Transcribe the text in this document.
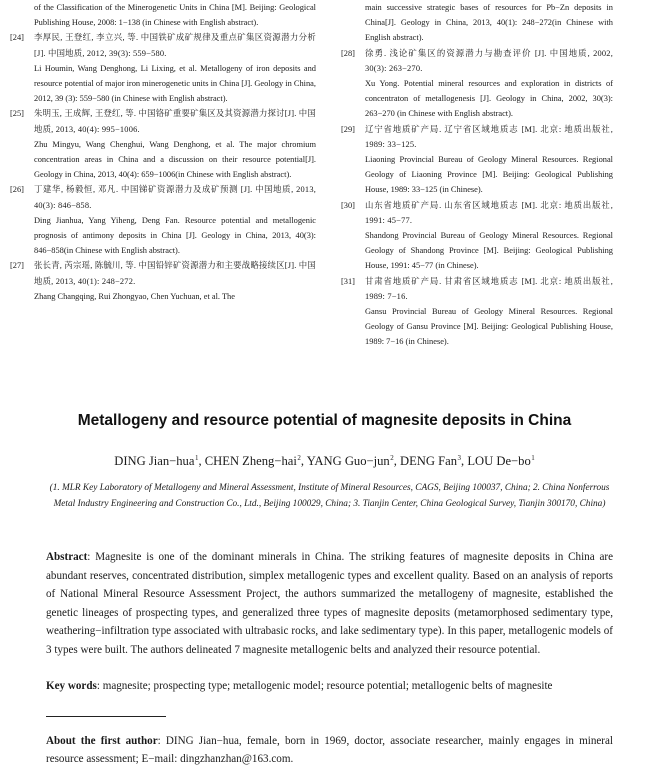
of the Classification of the Minerogenetic Units in China [M]. Beijing: Geological Publishing House, 2008: 1−138 (in Chinese with English abstract).

[24]	李厚民, 王登红, 李立兴, 等. 中国铁矿成矿规律及重点矿集区资源潜力分析[J]. 中国地质, 2012, 39(3): 559−580.

Li Houmin, Wang Denghong, Li Lixing, et al. Metallogeny of iron deposits and resource potential of major iron minerogenetic units in China [J]. Geology in China, 2012, 39 (3): 559−580 (in Chinese with English abstract).

[25]	朱明玉, 王成辉, 王登红, 等. 中国铬矿重要矿集区及其资源潜力探讨[J]. 中国地质, 2013, 40(4): 995−1006.

Zhu Mingyu, Wang Chenghui, Wang Denghong, et al. The major chromium concentration areas in China and a discussion on their resource potential[J]. Geology in China, 2013, 40(4): 659−1006(in Chinese with English abstract).

[26]	丁建华, 杨毅恒, 邓凡. 中国锑矿资源潜力及成矿预测 [J]. 中国地质, 2013, 40(3): 846−858.

Ding Jianhua, Yang Yiheng, Deng Fan. Resource potential and metallogenic prognosis of antimony deposits in China [J]. Geology in China, 2013, 40(3): 846−858(in Chinese with English abstract).

[27]	张长青, 芮宗瑶, 陈毓川, 等. 中国铅锌矿资源潜力和主要战略接续区[J]. 中国地质, 2013, 40(1): 248−272.

Zhang Changqing, Rui Zhongyao, Chen Yuchuan, et al. The

main successive strategic bases of resources for Pb−Zn deposits in China[J]. Geology in China, 2013, 40(1): 248−272(in Chinese with English abstract).

[28]	徐勇. 浅论矿集区的资源潜力与勘查评价 [J]. 中国地质, 2002, 30(3): 263−270.

Xu Yong. Potential mineral resources and exploration in districts of concentraton of metallogenesis [J]. Geology in China, 2002, 30(3): 263−270 (in Chinese with English abstract).

[29]	辽宁省地质矿产局. 辽宁省区域地质志 [M]. 北京: 地质出版社, 1989: 33−125.

Liaoning Provincial Bureau of Geology Mineral Resources. Regional Geology of Liaoning Province [M]. Beijing: Geological Publishing House, 1989: 33−125 (in Chinese).

[30]	山东省地质矿产局. 山东省区域地质志 [M]. 北京: 地质出版社, 1991: 45−77.

Shandong Provincial Bureau of Geology Mineral Resources. Regional Geology of Shandong Province [M]. Beijing: Geological Publishing House, 1991: 45−77 (in Chinese).

[31]	甘肃省地质矿产局. 甘肃省区域地质志 [M]. 北京: 地质出版社, 1989: 7−16.

Gansu Provincial Bureau of Geology Mineral Resources. Regional Geology of Gansu Province [M]. Beijing: Geological Publishing House, 1989: 7−16 (in Chinese).

Metallogeny and resource potential of magnesite deposits in China

DING Jian−hua$^1$, CHEN Zheng−hai$^2$, YANG Guo−jun$^2$, DENG Fan$^3$, LOU $De-bo^1$

(1. MLR Key Laboratory of Metallogeny and Mineral Assessment, Institute of Mineral Resources, CAGS, Beijing 100037, China; 2. China Nonferrous Metal Industry Engineering and Construction Co., Ltd., Beijing 100029, China; 3. Tianjin Center, China Geological Survey, Tianjin 300170, China)

Abstract: Magnesite is one of the dominant minerals in China. The striking features of magnesite deposits in China are abundant reserves, concentrated distribution, simplex metallogenic types and excellent quality. Based on an analysis of reports of National Mineral Resource Assessment Project, the authors summarized the metallogeny of magnesite, established the genetic lineages of prospecting types, and generalized three types of magnesite deposits (metamorphosed sedimentary type, weathering−infiltration type associated with ultrabasic rocks, and lake sedimentary type). In this paper, metallogenic models of 3 types were built. The authors delineated 7 magnesite metallogenic belts and analyzed their resource potential.

Key words: magnesite; prospecting type; metallogenic model; resource potential; metallogenic belts of magnesite

About the first author: DING Jian−hua, female, born in 1969, doctor, associate researcher, mainly engages in mineral resource assessment; E−mail: dingzhanzhan@163.com.
